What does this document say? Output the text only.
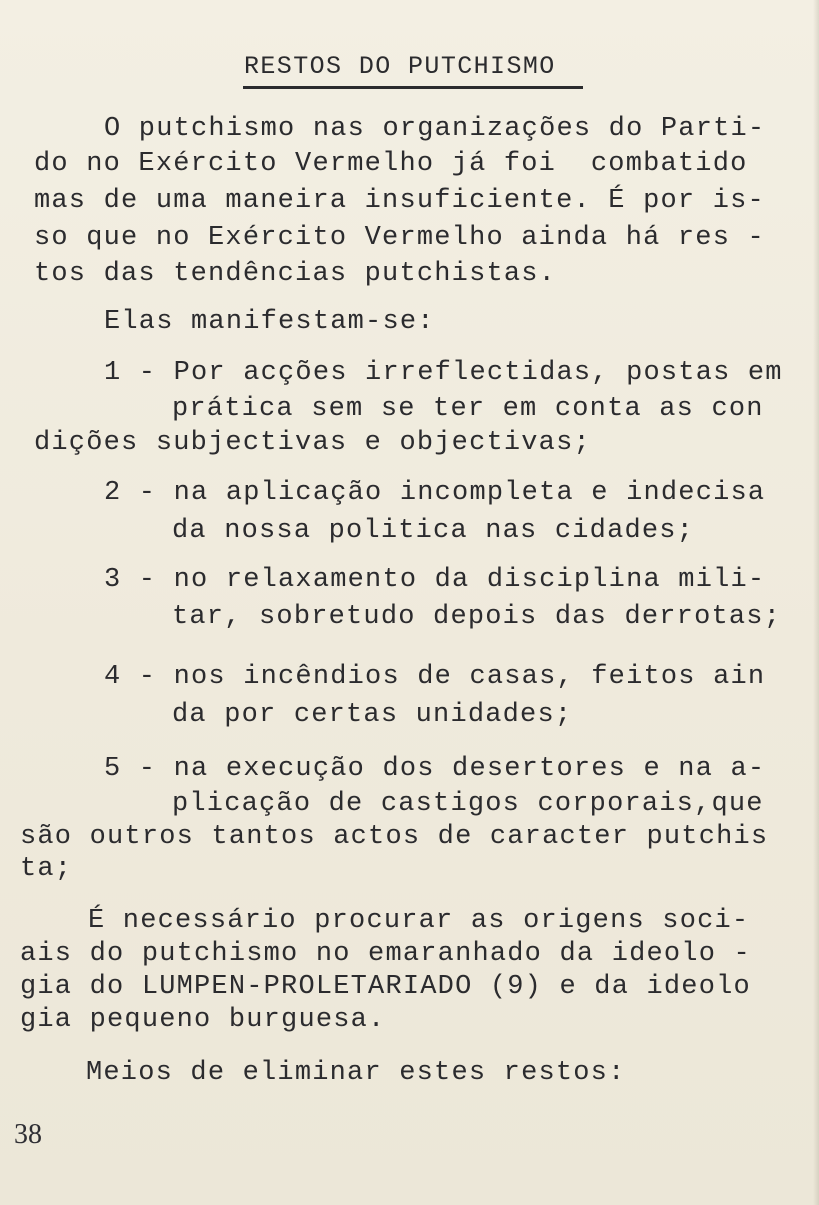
RESTOS DO PUTCHISMO
O putchismo nas organizações do Parti-
do no Exército Vermelho já foi  combatido
mas de uma maneira insuficiente. É por is-
so que no Exército Vermelho ainda há res -
tos das tendências putchistas.
Elas manifestam-se:
1 - Por acções irreflectidas, postas em
prática sem se ter em conta as con
dições subjectivas e objectivas;
2 - na aplicação incompleta e indecisa
da nossa politica nas cidades;
3 - no relaxamento da disciplina mili-
tar, sobretudo depois das derrotas;
4 - nos incêndios de casas, feitos ain
da por certas unidades;
5 - na execução dos desertores e na a-
plicação de castigos corporais,que
são outros tantos actos de caracter putchis
ta;
É necessário procurar as origens soci-
ais do putchismo no emaranhado da ideolo -
gia do LUMPEN-PROLETARIADO (9) e da ideolo
gia pequeno burguesa.
Meios de eliminar estes restos:
38
